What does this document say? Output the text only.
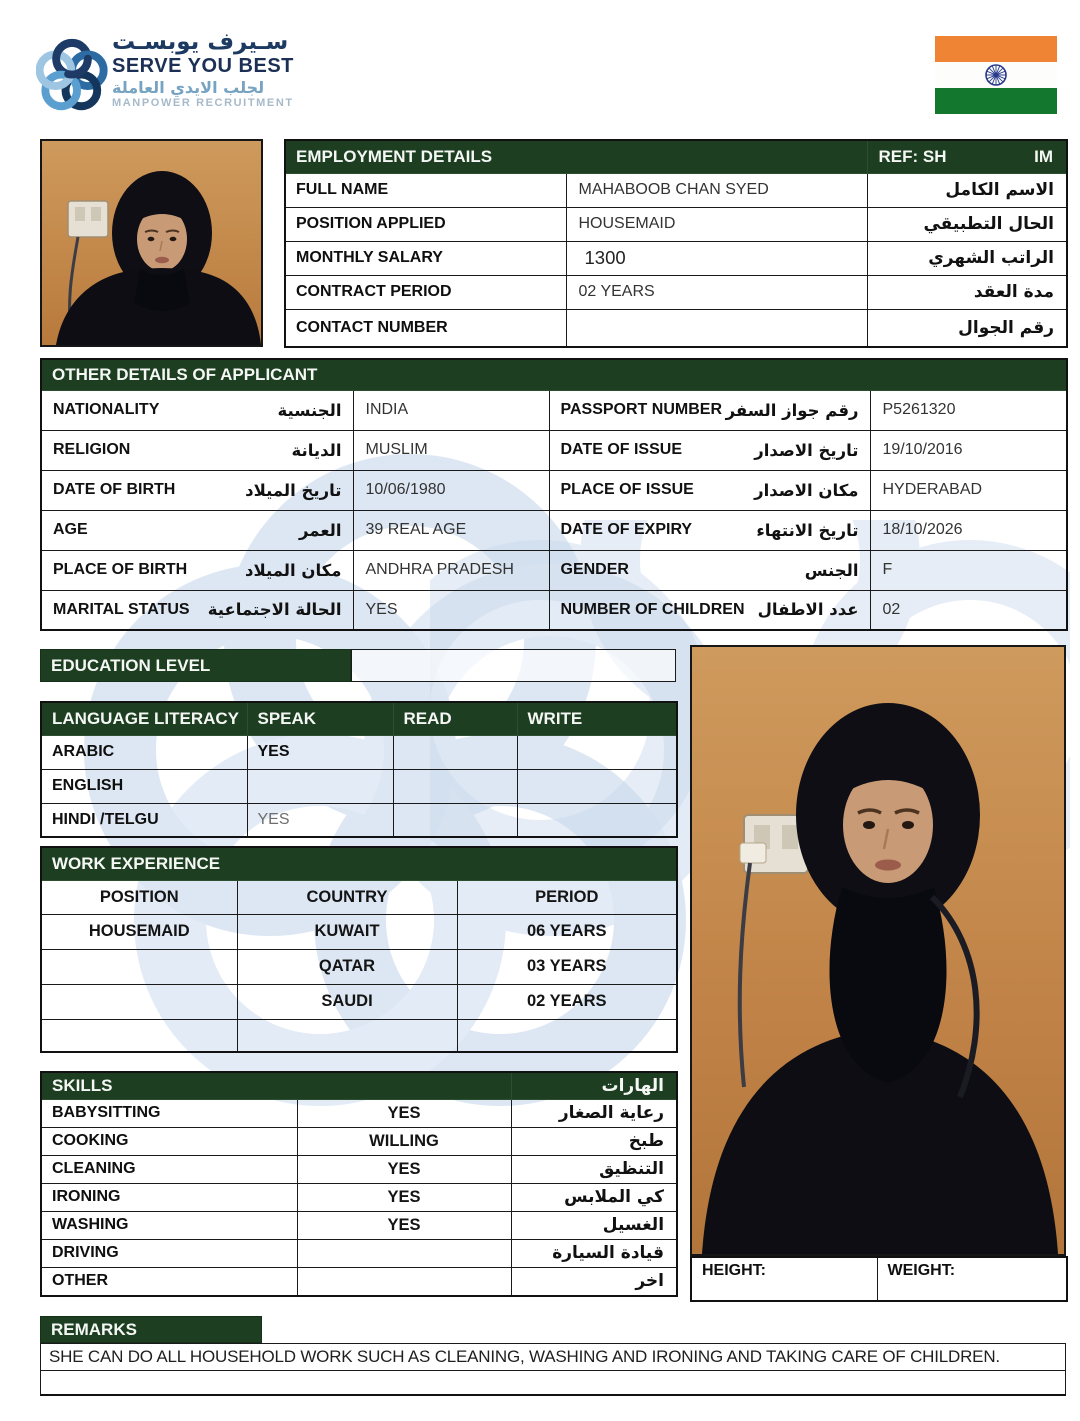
سـيرف يوبسـت
SERVE YOU BEST
لجلب الايدي العاملة
MANPOWER RECRUITMENT
EMPLOYMENT DETAILS		REF: SH IM

FULL NAME	MAHABOOB CHAN SYED	الاسم الكامل
POSITION APPLIED	HOUSEMAID	الحال التطبيقي
MONTHLY SALARY	1300	الراتب الشهري
CONTRACT PERIOD	02 YEARS	مدة العقد
CONTACT NUMBER		رقم الجوال
OTHER DETAILS OF APPLICANT			

NATIONALITY الجنسية	INDIA	PASSPORT NUMBER رقم جواز السفر	P5261320

RELIGION الديانة	MUSLIM	DATE OF ISSUE تاريخ الاصدار	19/10/2016

DATE OF BIRTH تاريخ الميلاد	10/06/1980	PLACE OF ISSUE مكان الاصدار	HYDERABAD

AGE العمر	39 REAL AGE	DATE OF EXPIRY تاريخ الانتهاء	18/10/2026

PLACE OF BIRTH مكان الميلاد	ANDHRA PRADESH	GENDER الجنس	F

MARITAL STATUS الحالة الاجتماعية	YES	NUMBER OF CHILDREN عدد الاطفال	02
EDUCATION LEVEL
LANGUAGE LITERACY	SPEAK	READ	WRITE
ARABIC	YES		
ENGLISH			
HINDI /TELGU	YES		
WORK EXPERIENCE		
POSITION	COUNTRY	PERIOD
HOUSEMAID	KUWAIT	06 YEARS
	QATAR	03 YEARS
	SAUDI	02 YEARS

HEIGHT:	WEIGHT:
SKILLS		الهارات
BABYSITTING	YES	رعاية الصغار
COOKING	WILLING	طبخ
CLEANING	YES	التنظيق
IRONING	YES	كي الملابس
WASHING	YES	الغسيل
DRIVING		قيادة السيارة
OTHER		اخر
REMARKS
SHE CAN DO ALL HOUSEHOLD WORK SUCH AS CLEANING, WASHING AND IRONING AND TAKING CARE OF CHILDREN.
